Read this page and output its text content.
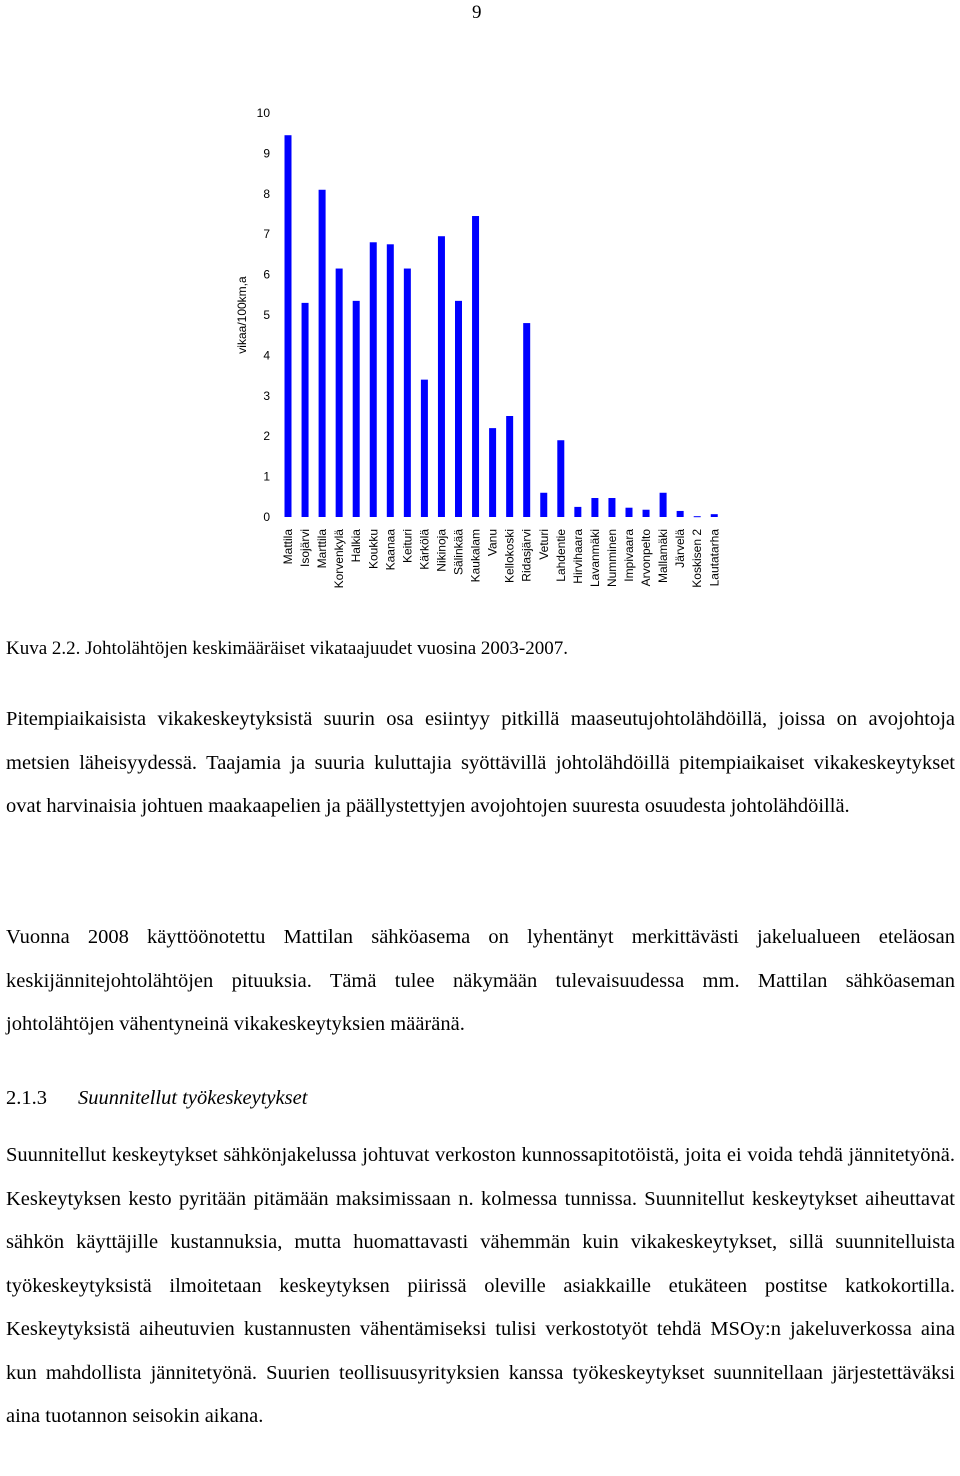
9
vikaa/100km,a
0
1
2
3
4
5
6
7
8
9
10
Mattila Isojärvi Marttila Korvenkylä Halkia Koukku Kaanaa Keituri Kärkölä Nikinoja Sälinkää Kaukalam Vanu Kellokoski Ridasjärvi Veturi Lahdentie Hirvihaara Lavanmäki Numminen Impivaara Arvonpelto Mallamäki Järvelä Koskisen 2 Lautatarha
Kuva 2.2. Johtolähtöjen keskimääräiset vikataajuudet vuosina 2003-2007.

Pitempiaikaisista vikakeskeytyksistä suurin osa esiintyy pitkillä maaseutujohtolähdöillä, joissa on avojohtoja metsien läheisyydessä. Taajamia ja suuria kuluttajia syöttävillä johtolähdöillä pitempiaikaiset vikakeskeytykset ovat harvinaisia johtuen maakaapelien ja päällystettyjen avojohtojen suuresta osuudesta johtolähdöillä.

Vuonna 2008 käyttöönotettu Mattilan sähköasema on lyhentänyt merkittävästi jakelualueen eteläosan keskijännitejohtolähtöjen pituuksia. Tämä tulee näkymään tulevaisuudessa mm. Mattilan sähköaseman johtolähtöjen vähentyneinä vikakeskeytyksien määränä.

2.1.3 Suunnitellut työkeskeytykset

Suunnitellut keskeytykset sähkönjakelussa johtuvat verkoston kunnossapitotöistä, joita ei voida tehdä jännitetyönä. Keskeytyksen kesto pyritään pitämään maksimissaan n. kolmessa tunnissa. Suunnitellut keskeytykset aiheuttavat sähkön käyttäjille kustannuksia, mutta huomattavasti vähemmän kuin vikakeskeytykset, sillä suunnitelluista työkeskeytyksistä ilmoitetaan keskeytyksen piirissä oleville asiakkaille etukäteen postitse katkokortilla. Keskeytyksistä aiheutuvien kustannusten vähentämiseksi tulisi verkostotyöt tehdä MSOy:n jakeluverkossa aina kun mahdollista jännitetyönä. Suurien teollisuusyrityksien kanssa työkeskeytykset suunnitellaan järjestettäväksi aina tuotannon seisokin aikana.
